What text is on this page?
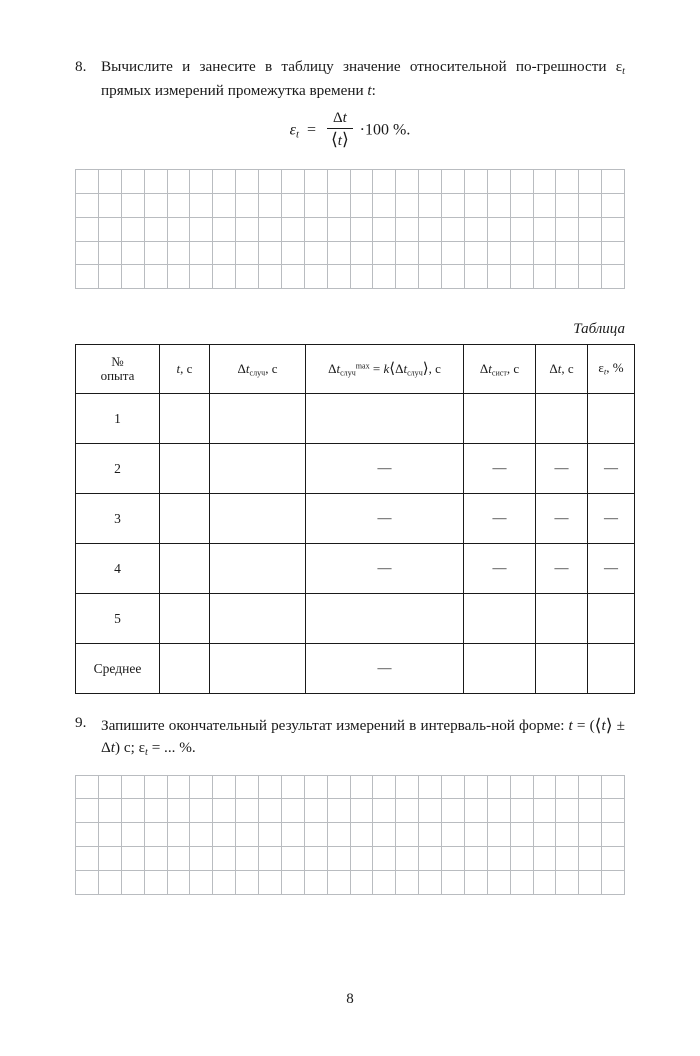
8. Вычислите и занесите в таблицу значение относительной по-грешности $\varepsilon_t$ прямых измерений промежутка времени t:
$\varepsilon_t = \frac{\Delta t}{⟨t⟩} \cdot 100$ %.
Таблица
№
опыта	t, с	$\Delta t_{случ}$, с	$\Delta t_{случ}^{max}$ = $k⟨\Delta t_{случ}⟩$, с	$\Delta t_{сист}$, с	Δt, с	$\varepsilon_t$, %
1						
2			—	—	—	—
3			—	—	—	—
4			—	—	—	—
5						
Среднее			—			
9. Запишите окончательный результат измерений в интерваль-ной форме: t = (⟨t⟩ ± Δt) с; $\varepsilon_t$ = ... %.
8
